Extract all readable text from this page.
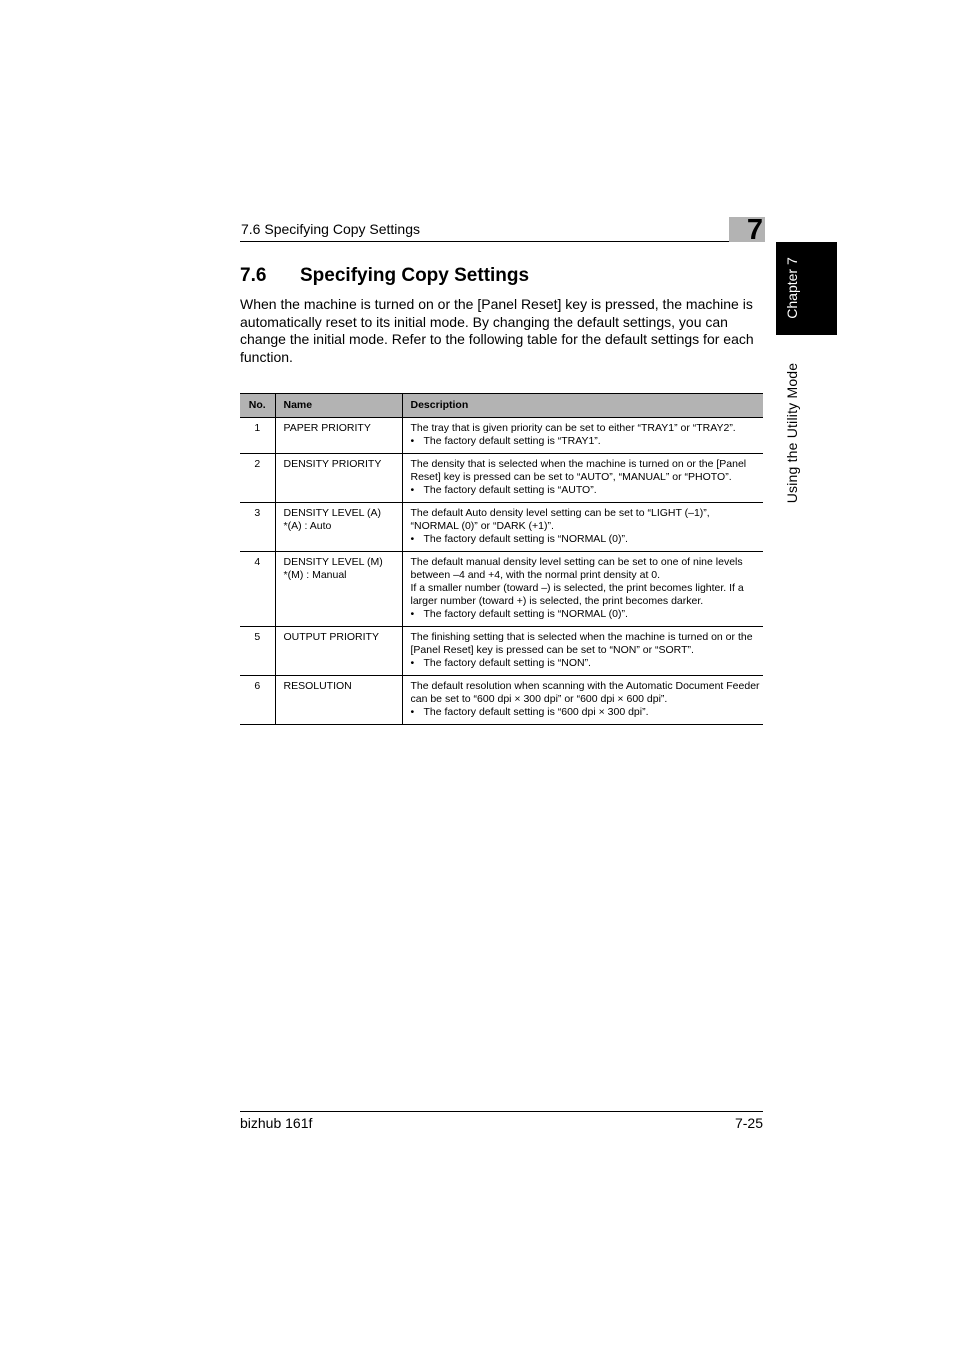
7.6 Specifying Copy Settings	7
Chapter 7
Using the Utility Mode
7.6 Specifying Copy Settings

When the machine is turned on or the [Panel Reset] key is pressed, the machine is automatically reset to its initial mode. By changing the default settings, you can change the initial mode. Refer to the following table for the default settings for each function.

No.	Name	Description
1	PAPER PRIORITY	The tray that is given priority can be set to either “TRAY1” or “TRAY2”.
• The factory default setting is “TRAY1”.

2	DENSITY PRIORITY	The density that is selected when the machine is turned on or the [Panel Reset] key is pressed can be set to “AUTO”, “MANUAL” or “PHOTO”.
• The factory default setting is “AUTO”.

3	DENSITY LEVEL (A)
*(A) : Auto	The default Auto density level setting can be set to “LIGHT (–1)”, “NORMAL (0)” or “DARK (+1)”.
• The factory default setting is “NORMAL (0)”.

4	DENSITY LEVEL (M)
*(M) : Manual	The default manual density level setting can be set to one of nine levels between –4 and +4, with the normal print density at 0.
If a smaller number (toward –) is selected, the print becomes lighter. If a larger number (toward +) is selected, the print becomes darker.
• The factory default setting is “NORMAL (0)”.

5	OUTPUT PRIORITY	The finishing setting that is selected when the machine is turned on or the [Panel Reset] key is pressed can be set to “NON” or “SORT”.
• The factory default setting is “NON”.

6	RESOLUTION	The default resolution when scanning with the Automatic Document Feeder can be set to “600 dpi × 300 dpi” or “600 dpi × 600 dpi”.
• The factory default setting is “600 dpi × 300 dpi”.
bizhub 161f	7-25
